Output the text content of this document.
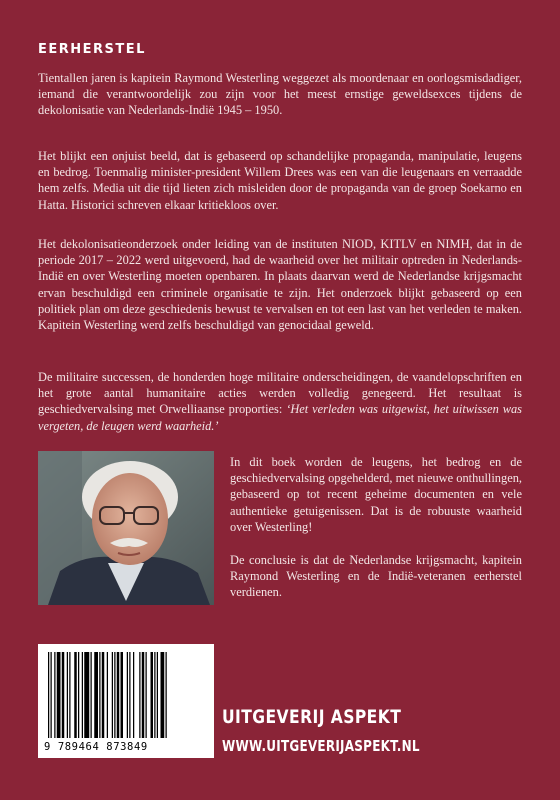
EERHERSTEL

Tientallen jaren is kapitein Raymond Westerling weggezet als moordenaar en oorlogsmisdadiger, iemand die verantwoordelijk zou zijn voor het meest ernstige geweldsexces tijdens de dekolonisatie van Nederlands-Indië 1945 – 1950.

Het blijkt een onjuist beeld, dat is gebaseerd op schandelijke propaganda, manipulatie, leugens en bedrog. Toenmalig minister-president Willem Drees was een van die leugenaars en verraadde hem zelfs. Media uit die tijd lieten zich misleiden door de propaganda van de groep Soekarno en Hatta. Historici schreven elkaar kritiekloos over.

Het dekolonisatieonderzoek onder leiding van de instituten NIOD, KITLV en NIMH, dat in de periode 2017 – 2022 werd uitgevoerd, had de waarheid over het militair optreden in Nederlands-Indië en over Westerling moeten openbaren. In plaats daarvan werd de Nederlandse krijgsmacht ervan beschuldigd een criminele organisatie te zijn. Het onderzoek blijkt gebaseerd op een politiek plan om deze geschiedenis bewust te vervalsen en tot een last van het verleden te maken. Kapitein Westerling werd zelfs beschuldigd van genocidaal geweld.

De militaire successen, de honderden hoge militaire onderscheidingen, de vaandelopschriften en het grote aantal humanitaire acties werden volledig genegeerd. Het resultaat is geschiedvervalsing met Orwelliaanse proporties: ‘Het verleden was uitgewist, het uitwissen was vergeten, de leugen werd waarheid.’

In dit boek worden de leugens, het bedrog en de geschiedvervalsing opgehelderd, met nieuwe onthullingen, gebaseerd op tot recent geheime documenten en vele authentieke getuigenissen. Dat is de robuuste waarheid over Westerling!

De conclusie is dat de Nederlandse krijgsmacht, kapitein Raymond Westerling en de Indië-veteranen eerherstel verdienen.

9 789464 873849
UITGEVERIJ ASPEKT
WWW.UITGEVERIJASPEKT.NL
